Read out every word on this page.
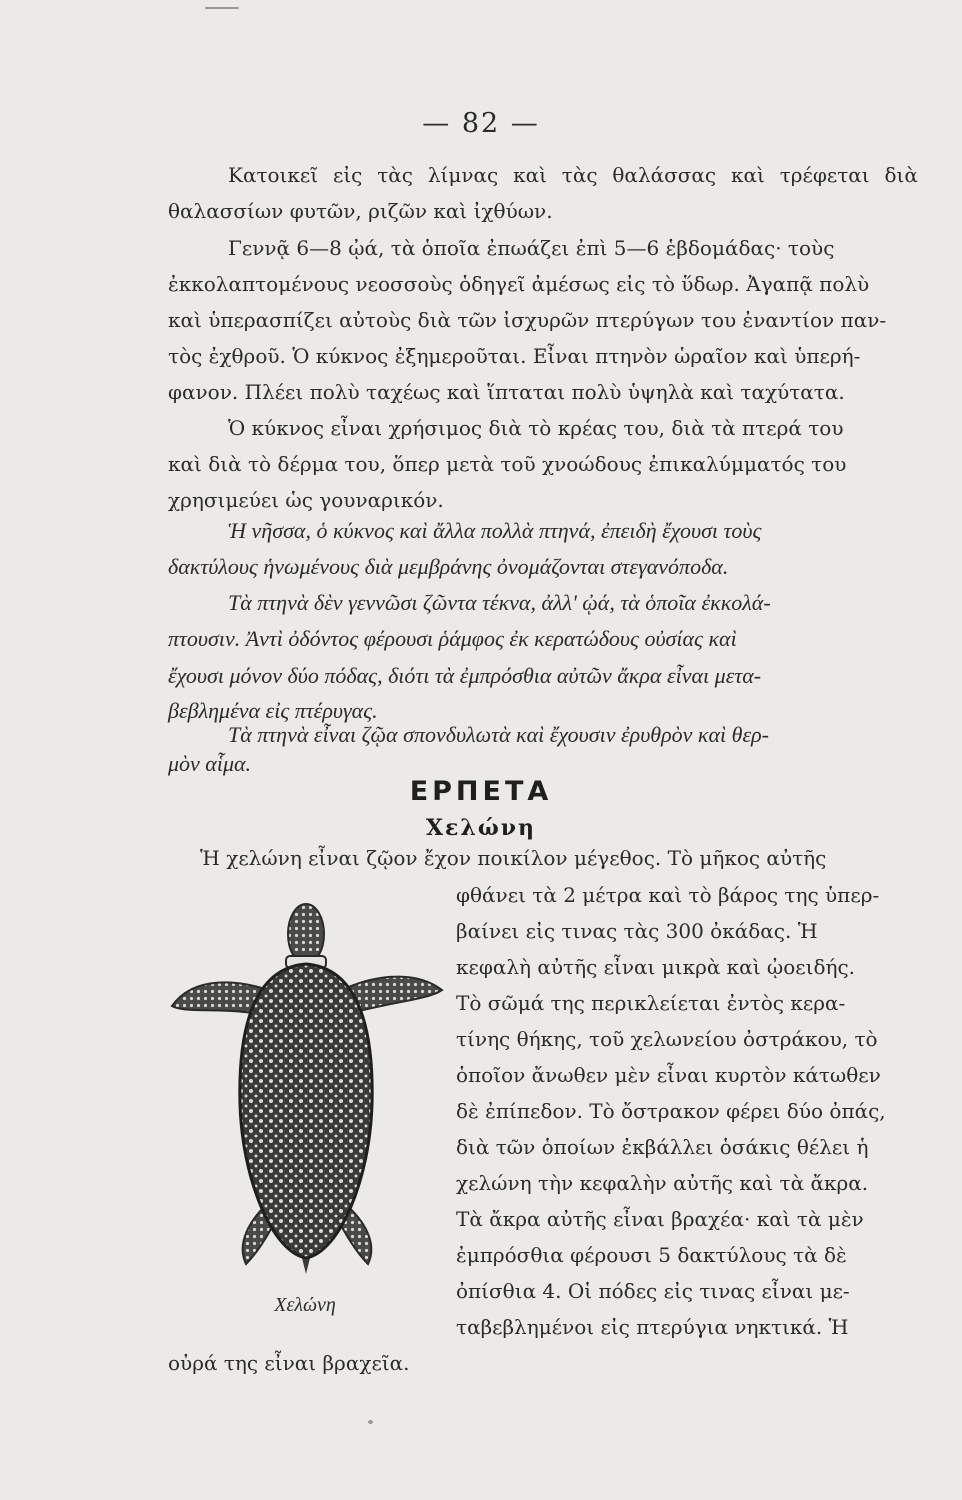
— 82 —

Κατοικεῖ εἰς τὰς λίμνας καὶ τὰς θαλάσσας καὶ τρέφεται διὰ

θαλασσίων φυτῶν, ριζῶν καὶ ἰχθύων.

Γεννᾷ 6—8 ᾠά, τὰ ὁποῖα ἐπωάζει ἐπὶ 5—6 ἑβδομάδας· τοὺς

ἐκκολαπτομένους νεοσσοὺς ὁδηγεῖ ἀμέσως εἰς τὸ ὕδωρ. Ἀγαπᾷ πολὺ

καὶ ὑπερασπίζει αὐτοὺς διὰ τῶν ἰσχυρῶν πτερύγων του ἐναντίον παν-

τὸς ἐχθροῦ. Ὁ κύκνος ἐξημεροῦται. Εἶναι πτηνὸν ὡραῖον καὶ ὑπερή-

φανον. Πλέει πολὺ ταχέως καὶ ἵπταται πολὺ ὑψηλὰ καὶ ταχύτατα.

Ὁ κύκνος εἶναι χρήσιμος διὰ τὸ κρέας του, διὰ τὰ πτερά του

καὶ διὰ τὸ δέρμα του, ὅπερ μετὰ τοῦ χνοώδους ἐπικαλύμματός του

χρησιμεύει ὡς γουναρικόν.

Ἡ νῆσσα, ὁ κύκνος καὶ ἄλλα πολλὰ πτηνά, ἐπειδὴ ἔχουσι τοὺς

δακτύλους ἡνωμένους διὰ μεμβράνης ὀνομάζονται στεγανόποδα.

Τὰ πτηνὰ δὲν γεννῶσι ζῶντα τέκνα, ἀλλ' ᾠά, τὰ ὁποῖα ἐκκολά-

πτουσιν. Ἀντὶ ὀδόντος φέρουσι ῥάμφος ἐκ κερατώδους οὐσίας καὶ

ἔχουσι μόνον δύο πόδας, διότι τὰ ἐμπρόσθια αὐτῶν ἄκρα εἶναι μετα-

βεβλημένα εἰς πτέρυγας.

Τὰ πτηνὰ εἶναι ζῷα σπονδυλωτὰ καὶ ἔχουσιν ἐρυθρὸν καὶ θερ-

μὸν αἷμα.

ΕΡΠΕΤΑ
Χελώνη

Ἡ χελώνη εἶναι ζῷον ἔχον ποικίλον μέγεθος. Τὸ μῆκος αὐτῆς

φθάνει τὰ 2 μέτρα καὶ τὸ βάρος της ὑπερ-

βαίνει εἰς τινας τὰς 300 ὀκάδας. Ἡ

κεφαλὴ αὐτῆς εἶναι μικρὰ καὶ ᾠοειδής.

Τὸ σῶμά της περικλείεται ἐντὸς κερα-

τίνης θήκης, τοῦ χελωνείου ὀστράκου, τὸ

ὁποῖον ἄνωθεν μὲν εἶναι κυρτὸν κάτωθεν

δὲ ἐπίπεδον. Τὸ ὄστρακον φέρει δύο ὀπάς,

διὰ τῶν ὁποίων ἐκβάλλει ὁσάκις θέλει ἡ

χελώνη τὴν κεφαλὴν αὐτῆς καὶ τὰ ἄκρα.

Τὰ ἄκρα αὐτῆς εἶναι βραχέα· καὶ τὰ μὲν

ἐμπρόσθια φέρουσι 5 δακτύλους τὰ δὲ

ὀπίσθια 4. Οἱ πόδες εἰς τινας εἶναι με-

ταβεβλημένοι εἰς πτερύγια νηκτικά. Ἡ

οὐρά της εἶναι βραχεῖα.

Χελώνη
